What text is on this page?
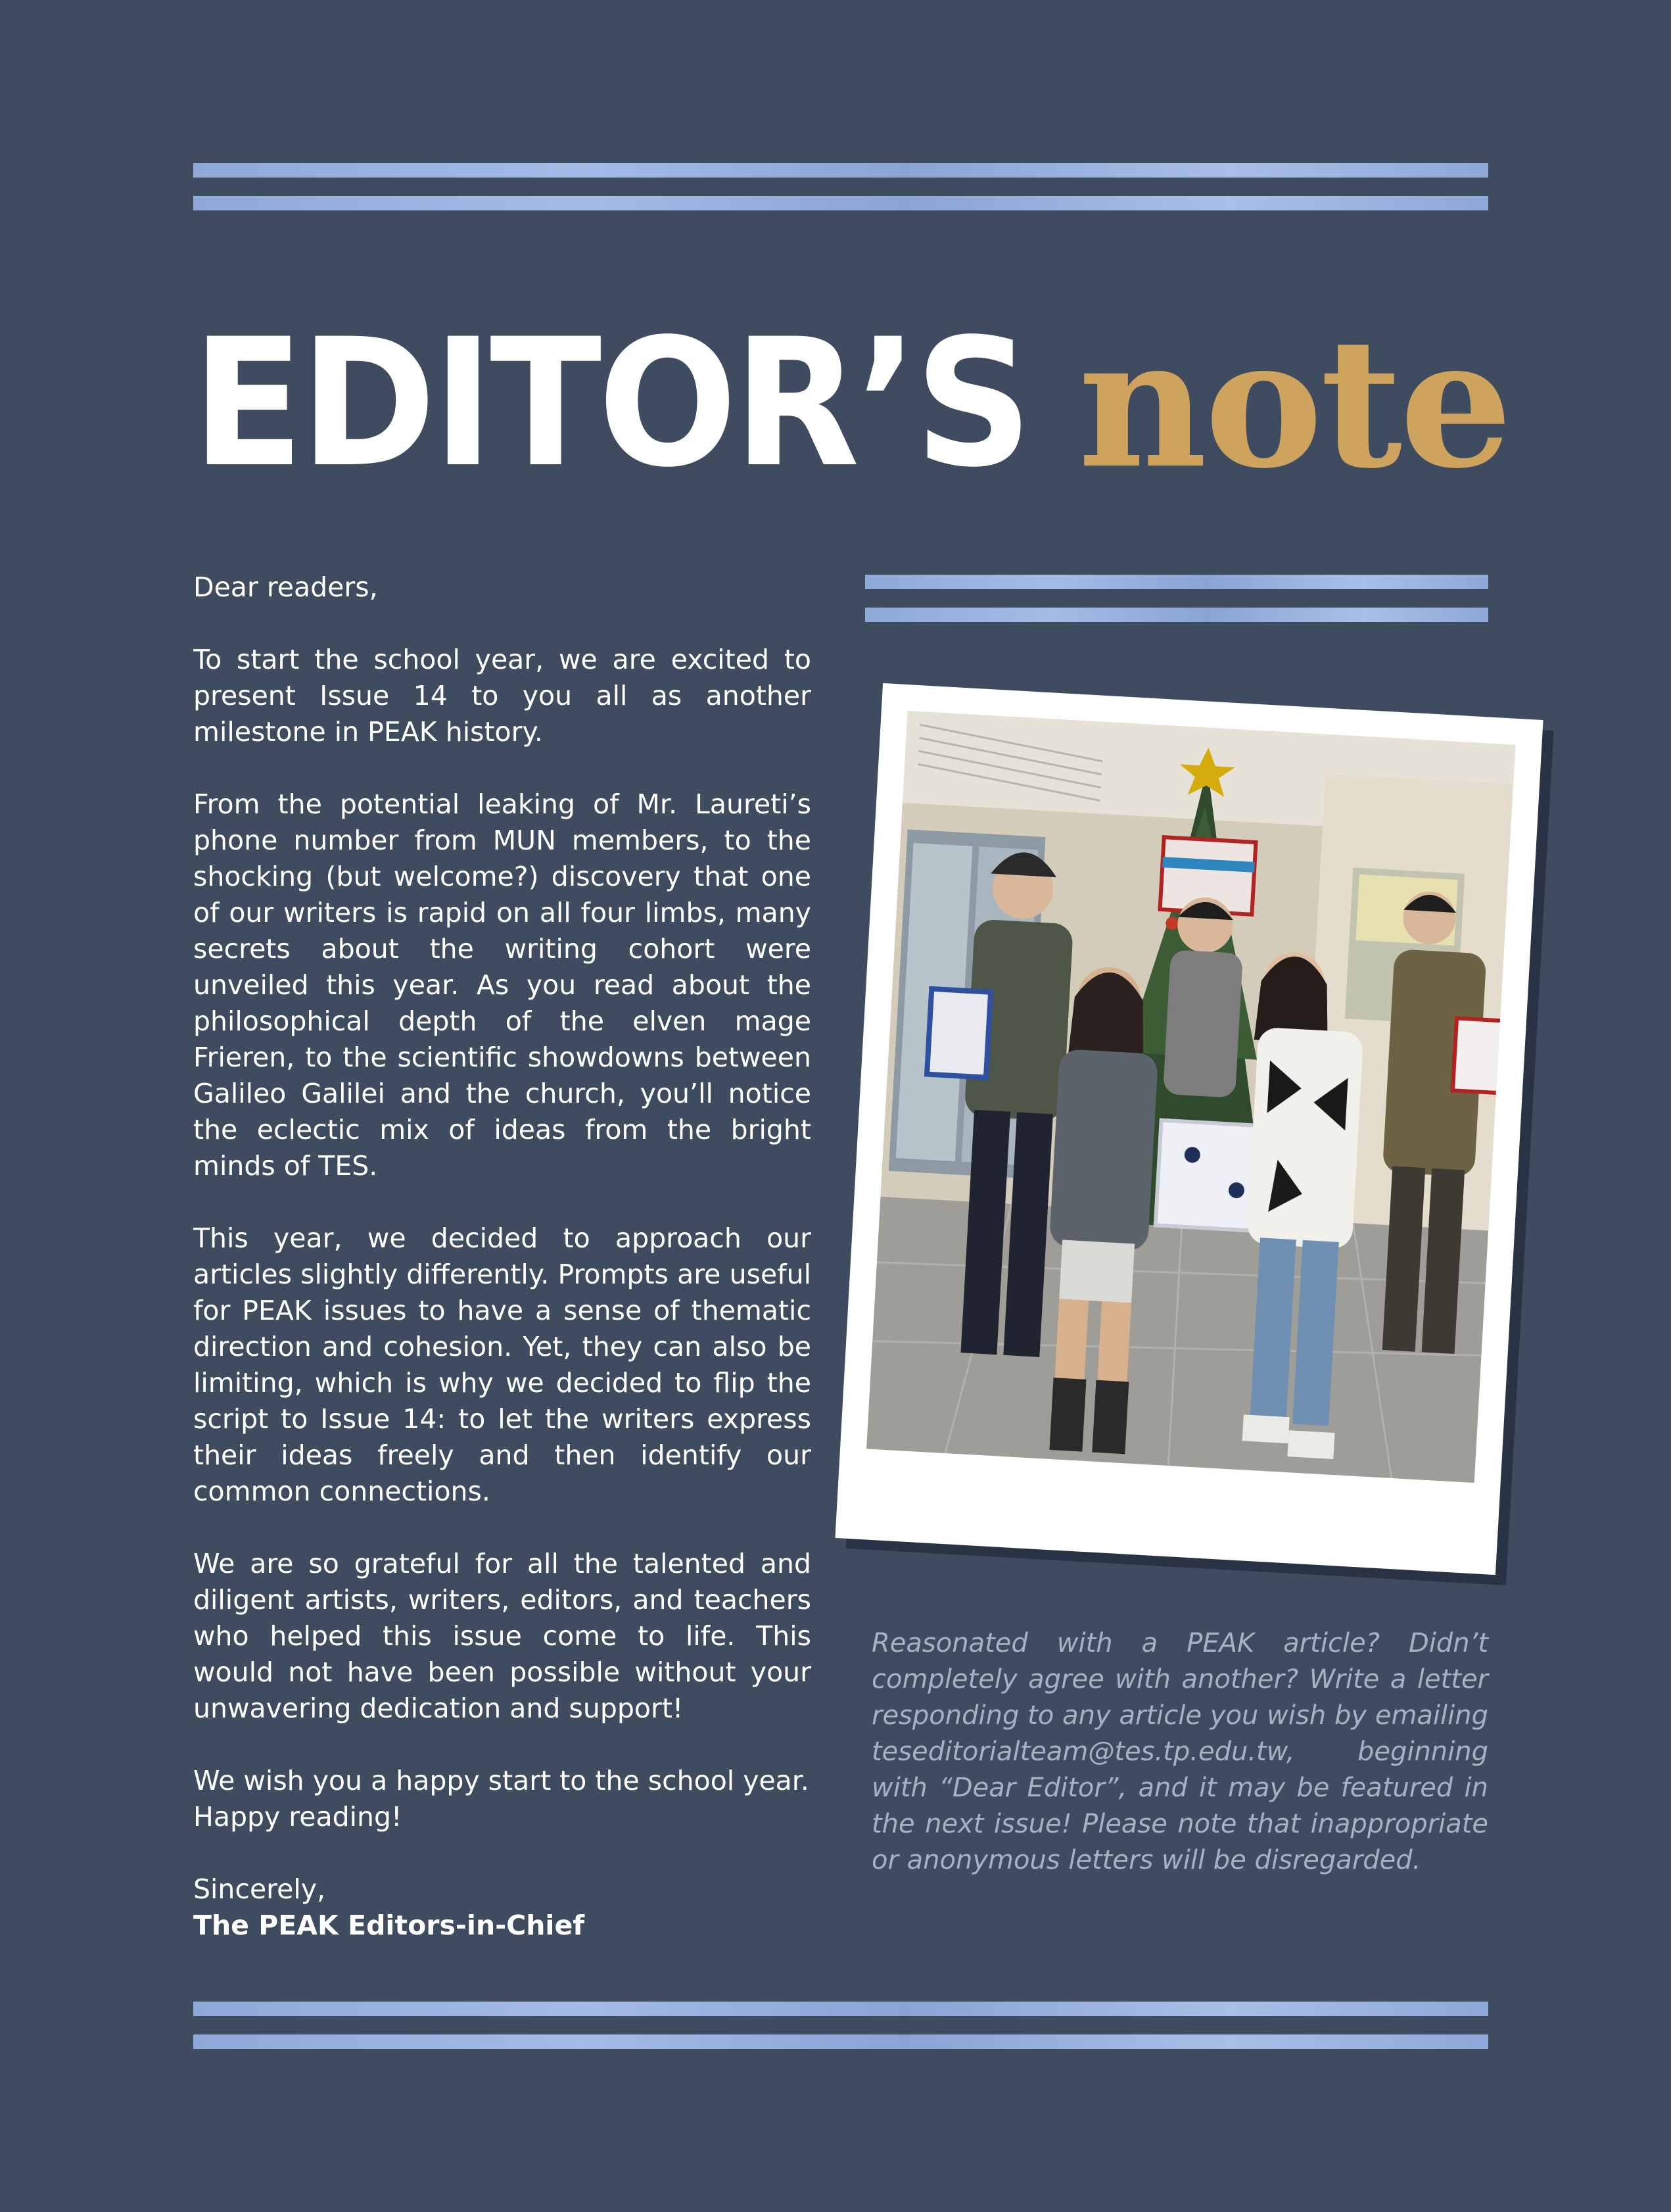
EDITOR’S note

Dear readers,

To start the school year, we are excited to present Issue 14 to you all as another milestone in PEAK history.

From the potential leaking of Mr. Laureti’s phone number from MUN members, to the shocking (but welcome?) discovery that one of our writers is rapid on all four limbs, many secrets about the writing cohort were unveiled this year. As you read about the philosophical depth of the elven mage Frieren, to the scientific showdowns between Galileo Galilei and the church, you’ll notice the eclectic mix of ideas from the bright minds of TES.

This year, we decided to approach our articles slightly differently. Prompts are useful for PEAK issues to have a sense of thematic direction and cohesion. Yet, they can also be limiting, which is why we decided to flip the script to Issue 14: to let the writers express their ideas freely and then identify our common connections.

We are so grateful for all the talented and diligent artists, writers, editors, and teachers who helped this issue come to life. This would not have been possible without your unwavering dedication and support!

We wish you a happy start to the school year. Happy reading!

Sincerely,
The PEAK Editors-in-Chief
Reasonated with a PEAK article? Didn’t completely agree with another? Write a letter responding to any article you wish by emailing teseditorialteam@tes.tp.edu.tw, beginning with “Dear Editor”, and it may be featured in the next issue! Please note that inappropriate or anonymous letters will be disregarded.
